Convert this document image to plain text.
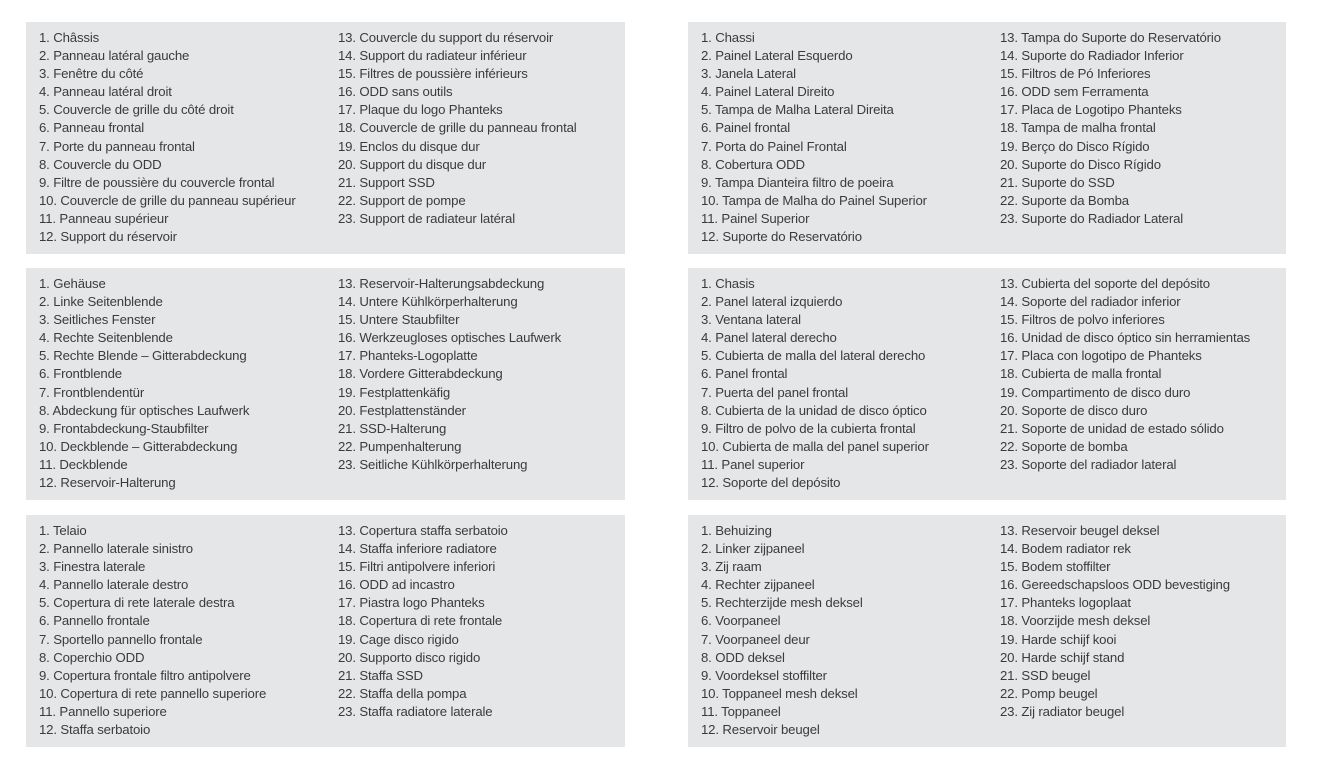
1. Châssis
2. Panneau latéral gauche
3. Fenêtre du côté
4. Panneau latéral droit
5. Couvercle de grille du côté droit
6. Panneau frontal
7. Porte du panneau frontal
8. Couvercle du ODD
9. Filtre de poussière du couvercle frontal
10. Couvercle de grille du panneau supérieur
11. Panneau supérieur
12. Support du réservoir
13. Couvercle du support du réservoir
14. Support du radiateur inférieur
15. Filtres de poussière inférieurs
16. ODD sans outils
17. Plaque du logo Phanteks
18. Couvercle de grille du panneau frontal
19. Enclos du disque dur
20. Support du disque dur
21. Support SSD
22. Support de pompe
23. Support de radiateur latéral
1. Chassi
2. Painel Lateral Esquerdo
3. Janela Lateral
4. Painel Lateral Direito
5. Tampa de Malha Lateral Direita
6. Painel frontal
7. Porta do Painel Frontal
8. Cobertura ODD
9. Tampa Dianteira filtro de poeira
10. Tampa de Malha do Painel Superior
11. Painel Superior
12. Suporte do Reservatório
13. Tampa do Suporte do Reservatório
14. Suporte do Radiador Inferior
15. Filtros de Pó Inferiores
16. ODD sem Ferramenta
17. Placa de Logotipo Phanteks
18. Tampa de malha frontal
19. Berço do Disco Rígido
20. Suporte do Disco Rígido
21. Suporte do SSD
22. Suporte da Bomba
23. Suporte do Radiador Lateral
1. Gehäuse
2. Linke Seitenblende
3. Seitliches Fenster
4. Rechte Seitenblende
5. Rechte Blende – Gitterabdeckung
6. Frontblende
7. Frontblendentür
8. Abdeckung für optisches Laufwerk
9. Frontabdeckung-Staubfilter
10. Deckblende – Gitterabdeckung
11. Deckblende
12. Reservoir-Halterung
13. Reservoir-Halterungsabdeckung
14. Untere Kühlkörperhalterung
15. Untere Staubfilter
16. Werkzeugloses optisches Laufwerk
17. Phanteks-Logoplatte
18. Vordere Gitterabdeckung
19. Festplattenkäfig
20. Festplattenständer
21. SSD-Halterung
22. Pumpenhalterung
23. Seitliche Kühlkörperhalterung
1. Chasis
2. Panel lateral izquierdo
3. Ventana lateral
4. Panel lateral derecho
5. Cubierta de malla del lateral derecho
6. Panel frontal
7. Puerta del panel frontal
8. Cubierta de la unidad de disco óptico
9. Filtro de polvo de la cubierta frontal
10. Cubierta de malla del panel superior
11. Panel superior
12. Soporte del depósito
13. Cubierta del soporte del depósito
14. Soporte del radiador inferior
15. Filtros de polvo inferiores
16. Unidad de disco óptico sin herramientas
17. Placa con logotipo de Phanteks
18. Cubierta de malla frontal
19. Compartimento de disco duro
20. Soporte de disco duro
21. Soporte de unidad de estado sólido
22. Soporte de bomba
23. Soporte del radiador lateral
1. Telaio
2. Pannello laterale sinistro
3. Finestra laterale
4. Pannello laterale destro
5. Copertura di rete laterale destra
6. Pannello frontale
7. Sportello pannello frontale
8. Coperchio ODD
9. Copertura frontale filtro antipolvere
10. Copertura di rete pannello superiore
11. Pannello superiore
12. Staffa serbatoio
13. Copertura staffa serbatoio
14. Staffa inferiore radiatore
15. Filtri antipolvere inferiori
16. ODD ad incastro
17. Piastra logo Phanteks
18. Copertura di rete frontale
19. Cage disco rigido
20. Supporto disco rigido
21. Staffa SSD
22. Staffa della pompa
23. Staffa radiatore laterale
1. Behuizing
2. Linker zijpaneel
3. Zij raam
4. Rechter zijpaneel
5. Rechterzijde mesh deksel
6. Voorpaneel
7. Voorpaneel deur
8. ODD deksel
9. Voordeksel stoffilter
10. Toppaneel mesh deksel
11. Toppaneel
12. Reservoir beugel
13. Reservoir beugel deksel
14. Bodem radiator rek
15. Bodem stoffilter
16. Gereedschapsloos ODD bevestiging
17. Phanteks logoplaat
18. Voorzijde mesh deksel
19. Harde schijf kooi
20. Harde schijf stand
21. SSD beugel
22. Pomp beugel
23. Zij radiator beugel
